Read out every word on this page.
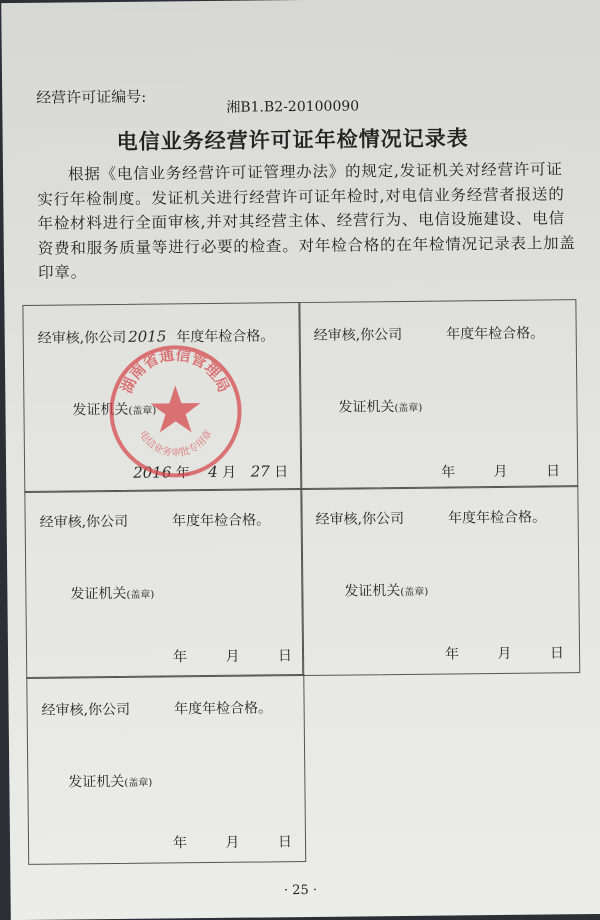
经营许可证编号:
湘B1.B2-20100090
电信业务经营许可证年检情况记录表
根据《电信业务经营许可证管理办法》的规定,发证机关对经营许可证实行年检制度。发证机关进行经营许可证年检时,对电信业务经营者报送的年检材料进行全面审核,并对其经营主体、经营行为、电信设施建设、电信资费和服务质量等进行必要的检查。对年检合格的在年检情况记录表上加盖印章。
经审核,你公司 2015 年度年检合格。
发证机关(盖章)
2016 年 4 月 27 日
经审核,你公司	年度年检合格。
发证机关(盖章)
年	月	日
经审核,你公司	年度年检合格。
发证机关(盖章)
年	月	日
经审核,你公司	年度年检合格。
发证机关(盖章)
年	月	日
经审核,你公司	年度年检合格。
发证机关(盖章)
年	月	日
湖南省通信管理局
电信业务审批专用章
· 25 ·
